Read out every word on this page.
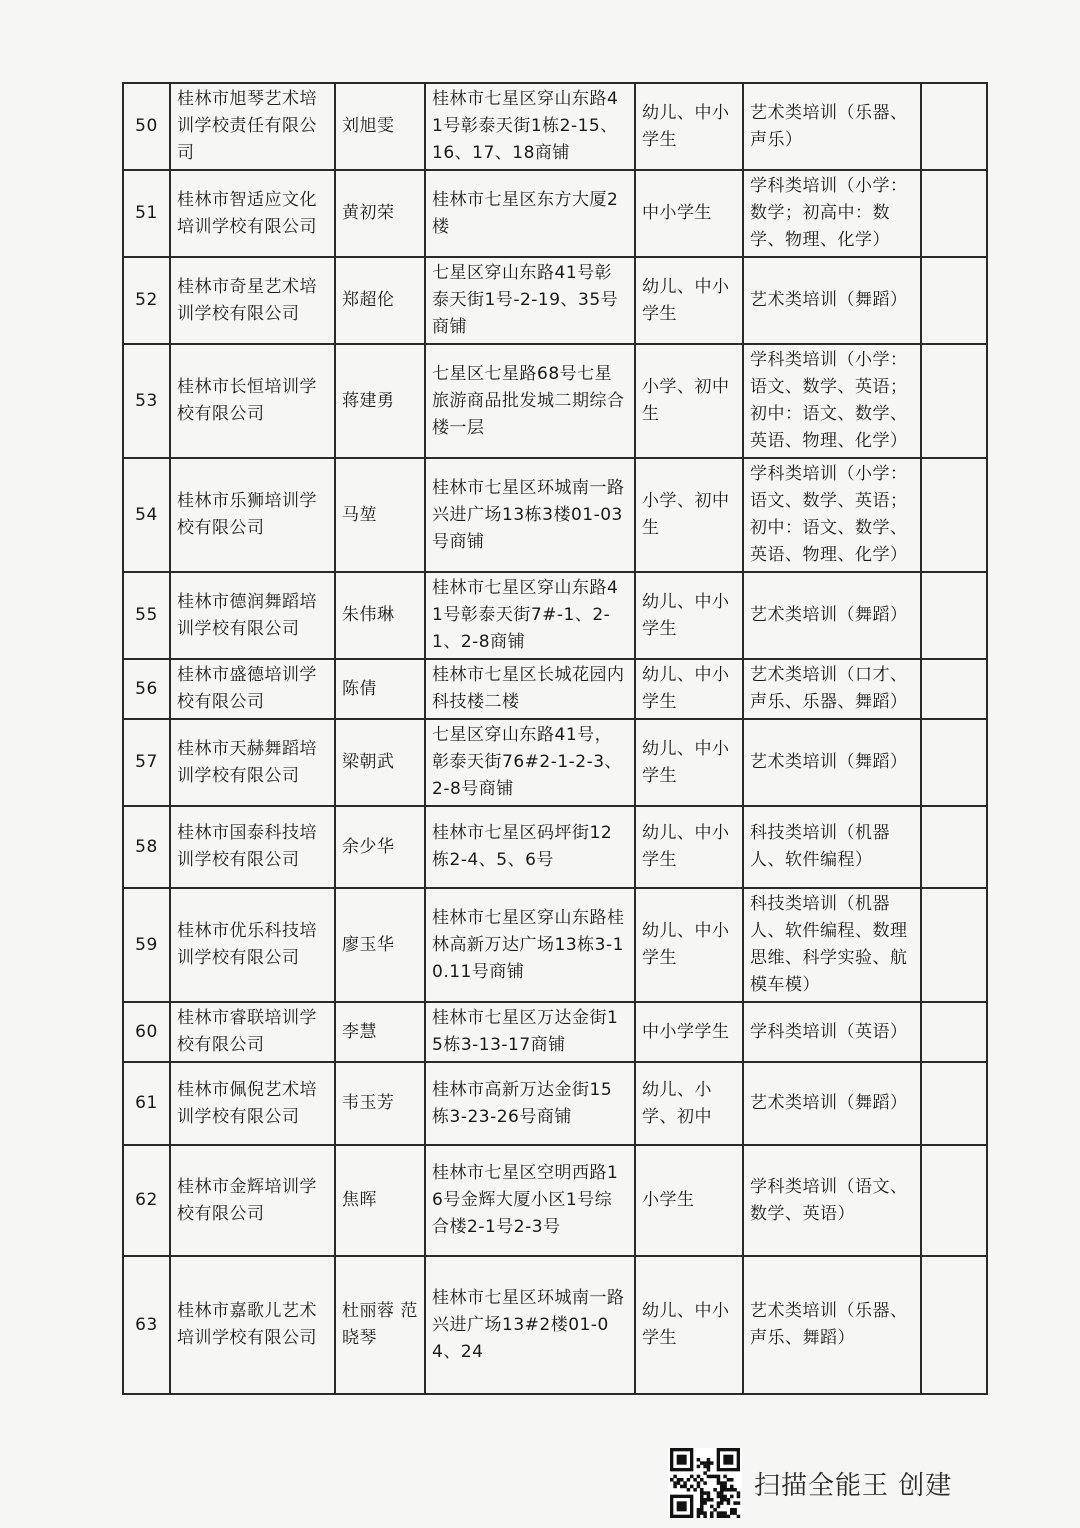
50	桂林市旭琴艺术培训学校责任有限公司	刘旭雯	桂林市七星区穿山东路41号彰泰天街1栋2-15、16、17、18商铺	幼儿、中小学生	艺术类培训（乐器、声乐）	
51	桂林市智适应文化培训学校有限公司	黄初荣	桂林市七星区东方大厦2楼	中小学生	学科类培训（小学：数学；初高中：数学、物理、化学）	
52	桂林市奇星艺术培训学校有限公司	郑超伦	七星区穿山东路41号彰泰天街1号-2-19、35号商铺	幼儿、中小学生	艺术类培训（舞蹈）	
53	桂林市长恒培训学校有限公司	蒋建勇	七星区七星路68号七星旅游商品批发城二期综合楼一层	小学、初中生	学科类培训（小学：语文、数学、英语；初中：语文、数学、英语、物理、化学）	
54	桂林市乐狮培训学校有限公司	马堃	桂林市七星区环城南一路兴进广场13栋3楼01-03号商铺	小学、初中生	学科类培训（小学：语文、数学、英语；初中：语文、数学、英语、物理、化学）	
55	桂林市德润舞蹈培训学校有限公司	朱伟琳	桂林市七星区穿山东路41号彰泰天街7#-1、2-1、2-8商铺	幼儿、中小学生	艺术类培训（舞蹈）	
56	桂林市盛德培训学校有限公司	陈倩	桂林市七星区长城花园内科技楼二楼	幼儿、中小学生	艺术类培训（口才、声乐、乐器、舞蹈）	
57	桂林市天赫舞蹈培训学校有限公司	梁朝武	七星区穿山东路41号，彰泰天街76#2-1-2-3、2-8号商铺	幼儿、中小学生	艺术类培训（舞蹈）	
58	桂林市国泰科技培训学校有限公司	余少华	桂林市七星区码坪街12栋2-4、5、6号	幼儿、中小学生	科技类培训（机器人、软件编程）	
59	桂林市优乐科技培训学校有限公司	廖玉华	桂林市七星区穿山东路桂林高新万达广场13栋3-10.11号商铺	幼儿、中小学生	科技类培训（机器人、软件编程、数理思维、科学实验、航模车模）	
60	桂林市睿联培训学校有限公司	李慧	桂林市七星区万达金街15栋3-13-17商铺	中小学学生	学科类培训（英语）	
61	桂林市佩倪艺术培训学校有限公司	韦玉芳	桂林市高新万达金街15栋3-23-26号商铺	幼儿、小学、初中	艺术类培训（舞蹈）	
62	桂林市金辉培训学校有限公司	焦晖	桂林市七星区空明西路16号金辉大厦小区1号综合楼2-1号2-3号	小学生	学科类培训（语文、数学、英语）	
63	桂林市嘉歌儿艺术培训学校有限公司	杜丽蓉 范晓琴	桂林市七星区环城南一路兴进广场13#2楼01-04、24	幼儿、中小学生	艺术类培训（乐器、声乐、舞蹈）	
扫描全能王 创建
